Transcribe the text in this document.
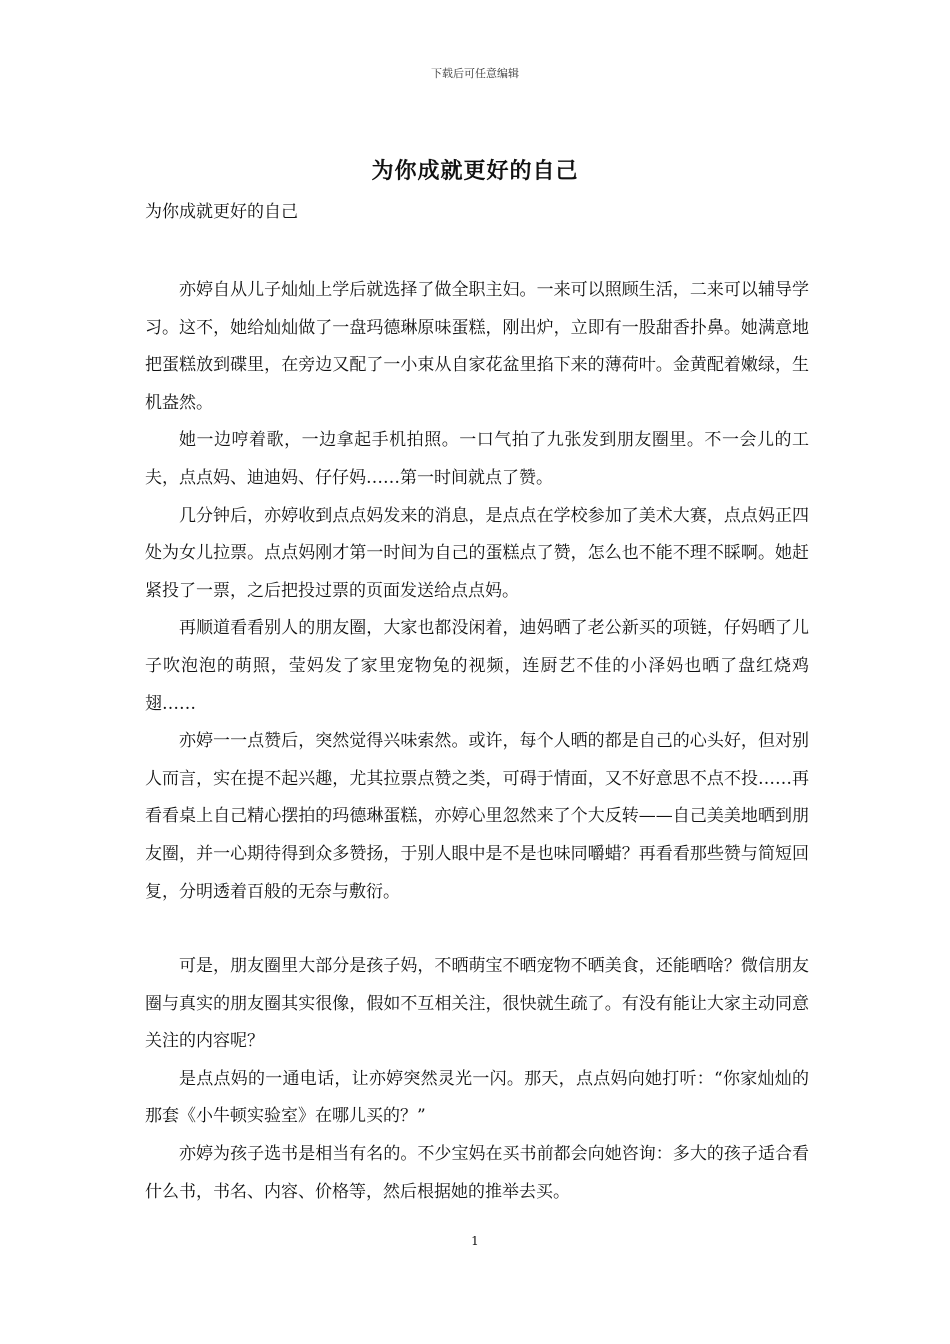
下载后可任意编辑
为你成就更好的自己
为你成就更好的自己

亦婷自从儿子灿灿上学后就选择了做全职主妇。一来可以照顾生活，二来可以辅导学习。这不，她给灿灿做了一盘玛德琳原味蛋糕，刚出炉，立即有一股甜香扑鼻。她满意地把蛋糕放到碟里，在旁边又配了一小束从自家花盆里掐下来的薄荷叶。金黄配着嫩绿，生机盎然。

她一边哼着歌，一边拿起手机拍照。一口气拍了九张发到朋友圈里。不一会儿的工夫，点点妈、迪迪妈、仔仔妈……第一时间就点了赞。

几分钟后，亦婷收到点点妈发来的消息，是点点在学校参加了美术大赛，点点妈正四处为女儿拉票。点点妈刚才第一时间为自己的蛋糕点了赞，怎么也不能不理不睬啊。她赶紧投了一票，之后把投过票的页面发送给点点妈。

再顺道看看别人的朋友圈，大家也都没闲着，迪妈晒了老公新买的项链，仔妈晒了儿子吹泡泡的萌照，莹妈发了家里宠物兔的视频，连厨艺不佳的小泽妈也晒了盘红烧鸡翅……

亦婷一一点赞后，突然觉得兴味索然。或许，每个人晒的都是自己的心头好，但对别人而言，实在提不起兴趣，尤其拉票点赞之类，可碍于情面，又不好意思不点不投……再看看桌上自己精心摆拍的玛德琳蛋糕，亦婷心里忽然来了个大反转——自己美美地晒到朋友圈，并一心期待得到众多赞扬，于别人眼中是不是也味同嚼蜡？再看看那些赞与简短回复，分明透着百般的无奈与敷衍。

可是，朋友圈里大部分是孩子妈，不晒萌宝不晒宠物不晒美食，还能晒啥？微信朋友圈与真实的朋友圈其实很像，假如不互相关注，很快就生疏了。有没有能让大家主动同意关注的内容呢？

是点点妈的一通电话，让亦婷突然灵光一闪。那天，点点妈向她打听：“你家灿灿的那套《小牛顿实验室》在哪儿买的？”

亦婷为孩子选书是相当有名的。不少宝妈在买书前都会向她咨询：多大的孩子适合看什么书，书名、内容、价格等，然后根据她的推举去买。

1
